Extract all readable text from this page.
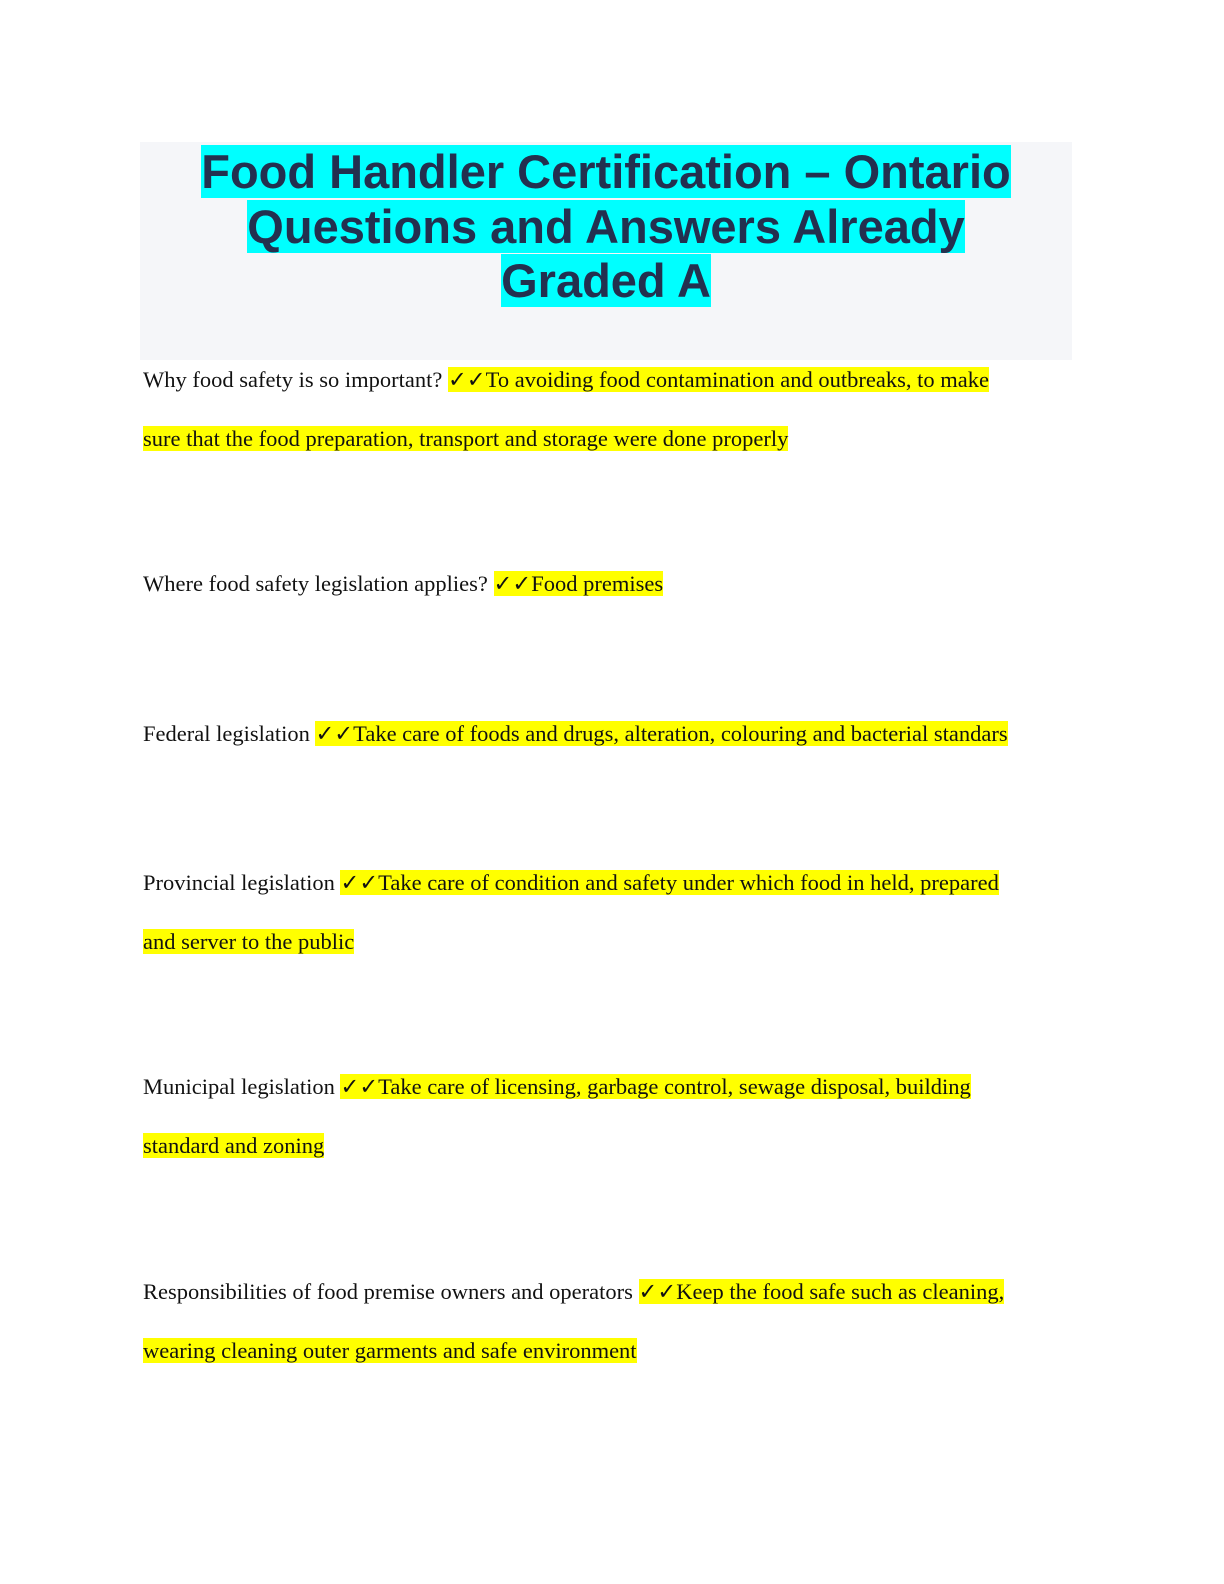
Food Handler Certification – Ontario
Questions and Answers Already
Graded A

Why food safety is so important? ✓✓To avoiding food contamination and outbreaks, to make
sure that the food preparation, transport and storage were done properly

Where food safety legislation applies? ✓✓Food premises

Federal legislation ✓✓Take care of foods and drugs, alteration, colouring and bacterial standars

Provincial legislation ✓✓Take care of condition and safety under which food in held, prepared
and server to the public

Municipal legislation ✓✓Take care of licensing, garbage control, sewage disposal, building
standard and zoning

Responsibilities of food premise owners and operators ✓✓Keep the food safe such as cleaning,
wearing cleaning outer garments and safe environment
